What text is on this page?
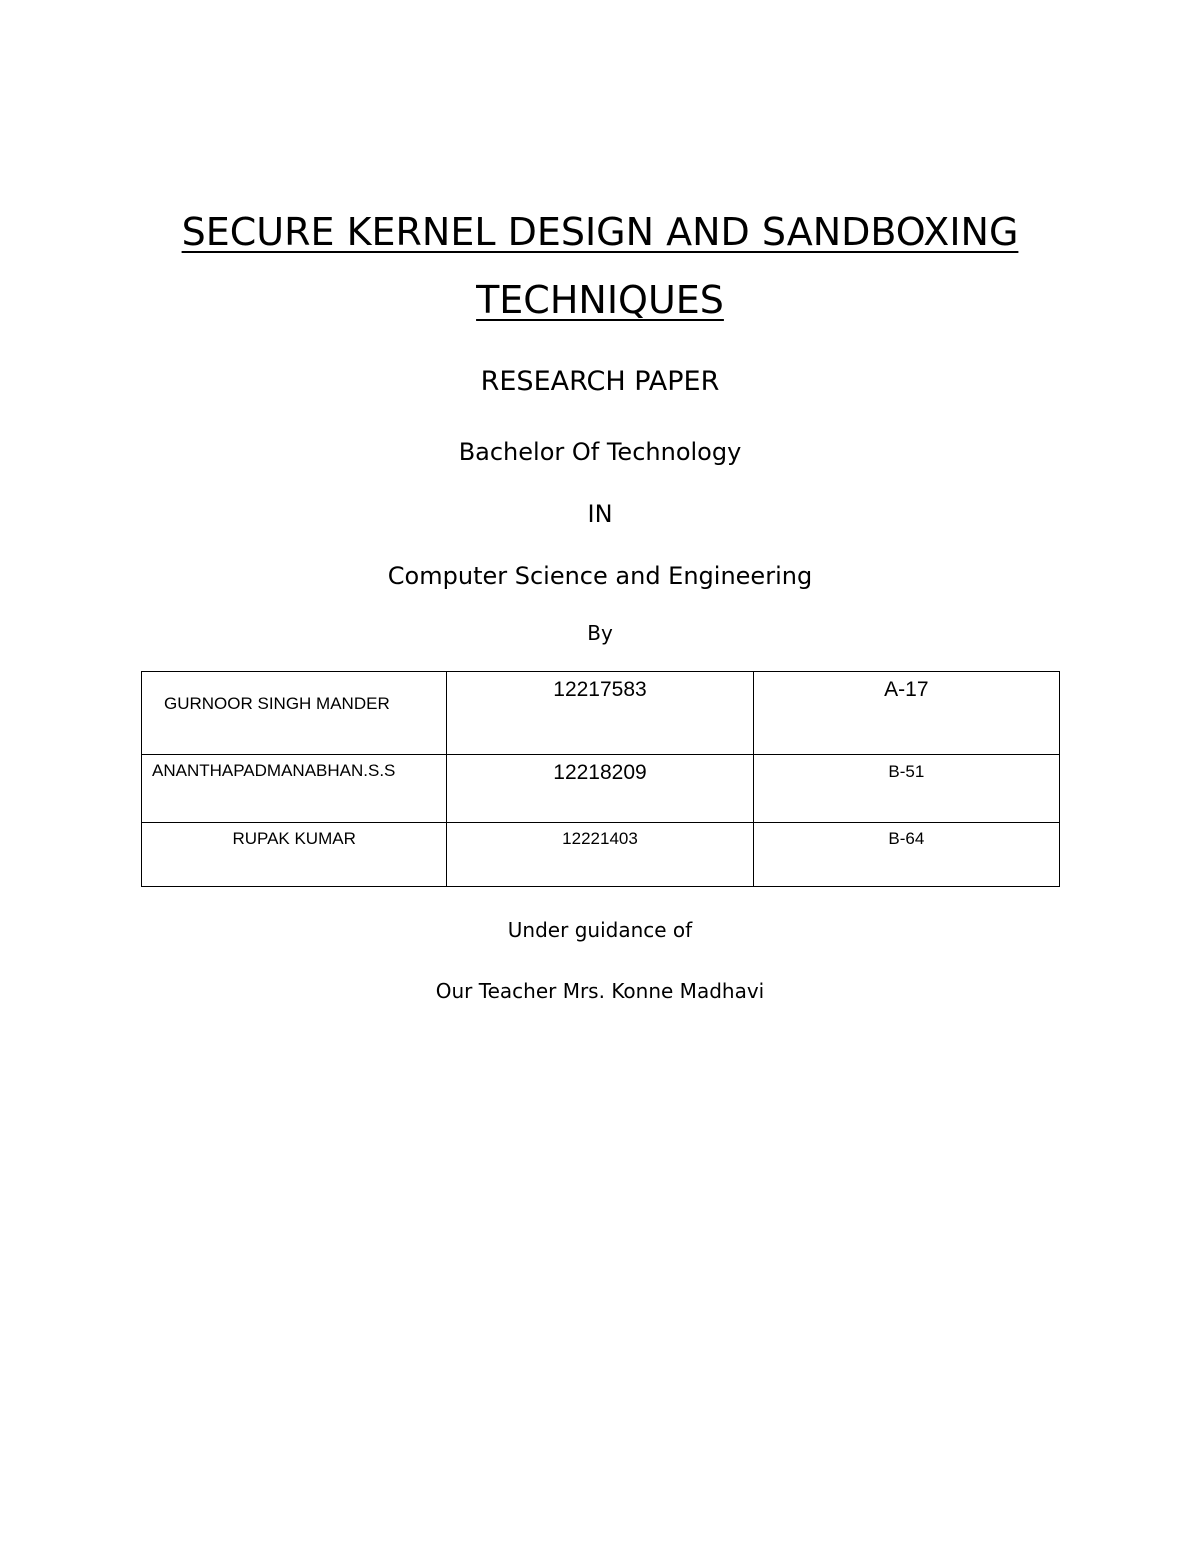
SECURE KERNEL DESIGN AND SANDBOXING
TECHNIQUES
RESEARCH PAPER
Bachelor Of Technology
IN
Computer Science and Engineering
By
GURNOOR SINGH MANDER	12217583	A-17
ANANTHAPADMANABHAN.S.S	12218209	B-51
RUPAK KUMAR	12221403	B-64
Under guidance of
Our Teacher Mrs. Konne Madhavi
